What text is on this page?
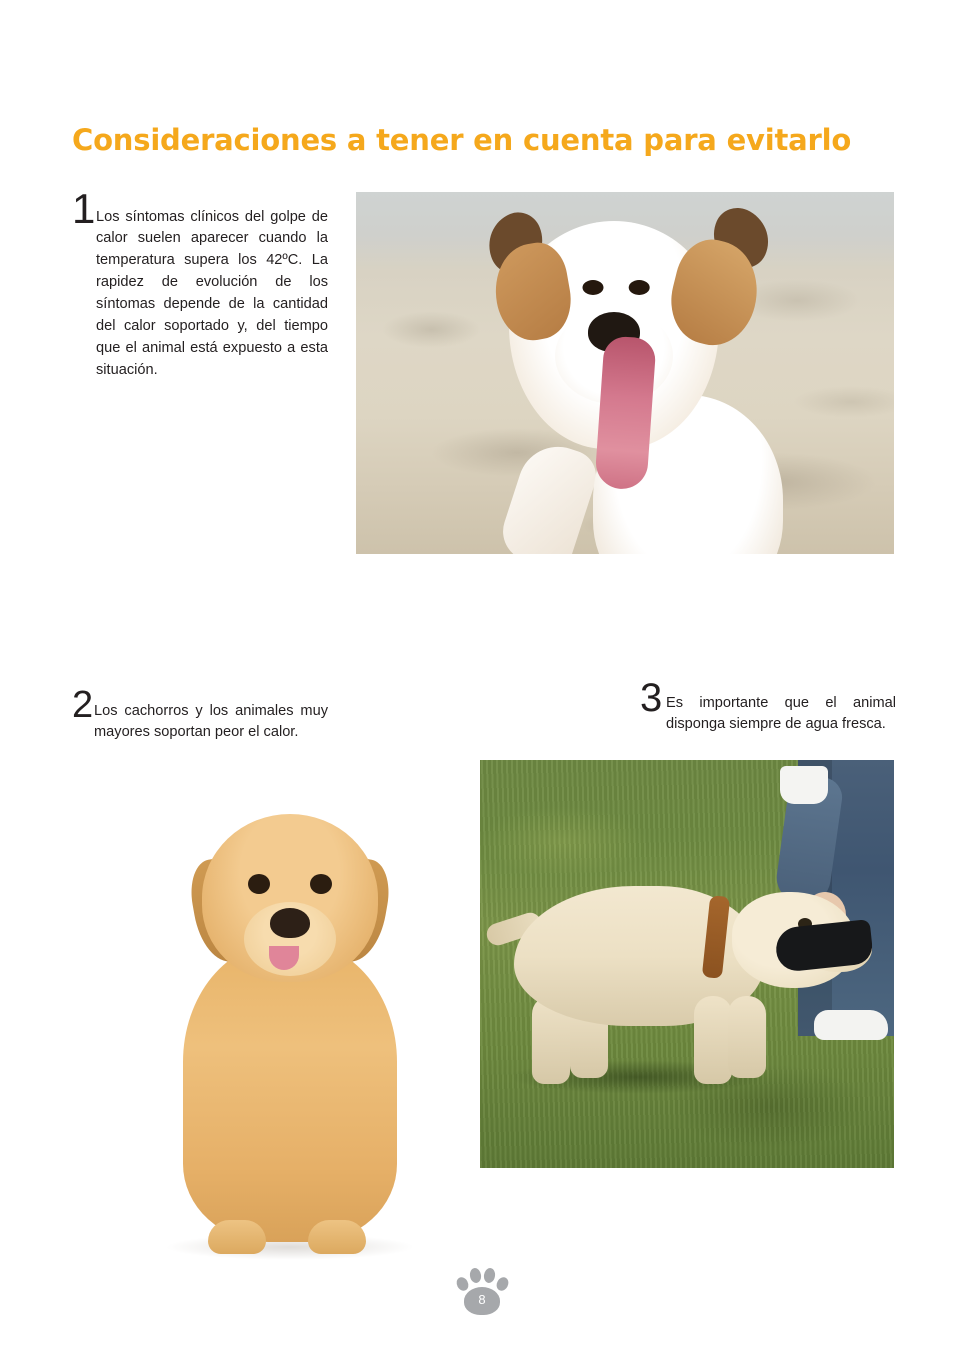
Consideraciones a tener en cuenta para evitarlo
1 Los síntomas clínicos del golpe de calor suelen aparecer cuando la temperatura supera los 42ºC. La rapidez de evolución de los síntomas depende de la cantidad del calor soportado y, del tiempo que el animal está expuesto a esta situación.

2 Los cachorros y los animales muy mayores soportan peor el calor.

3 Es importante que el animal disponga siempre de agua fresca.

8
